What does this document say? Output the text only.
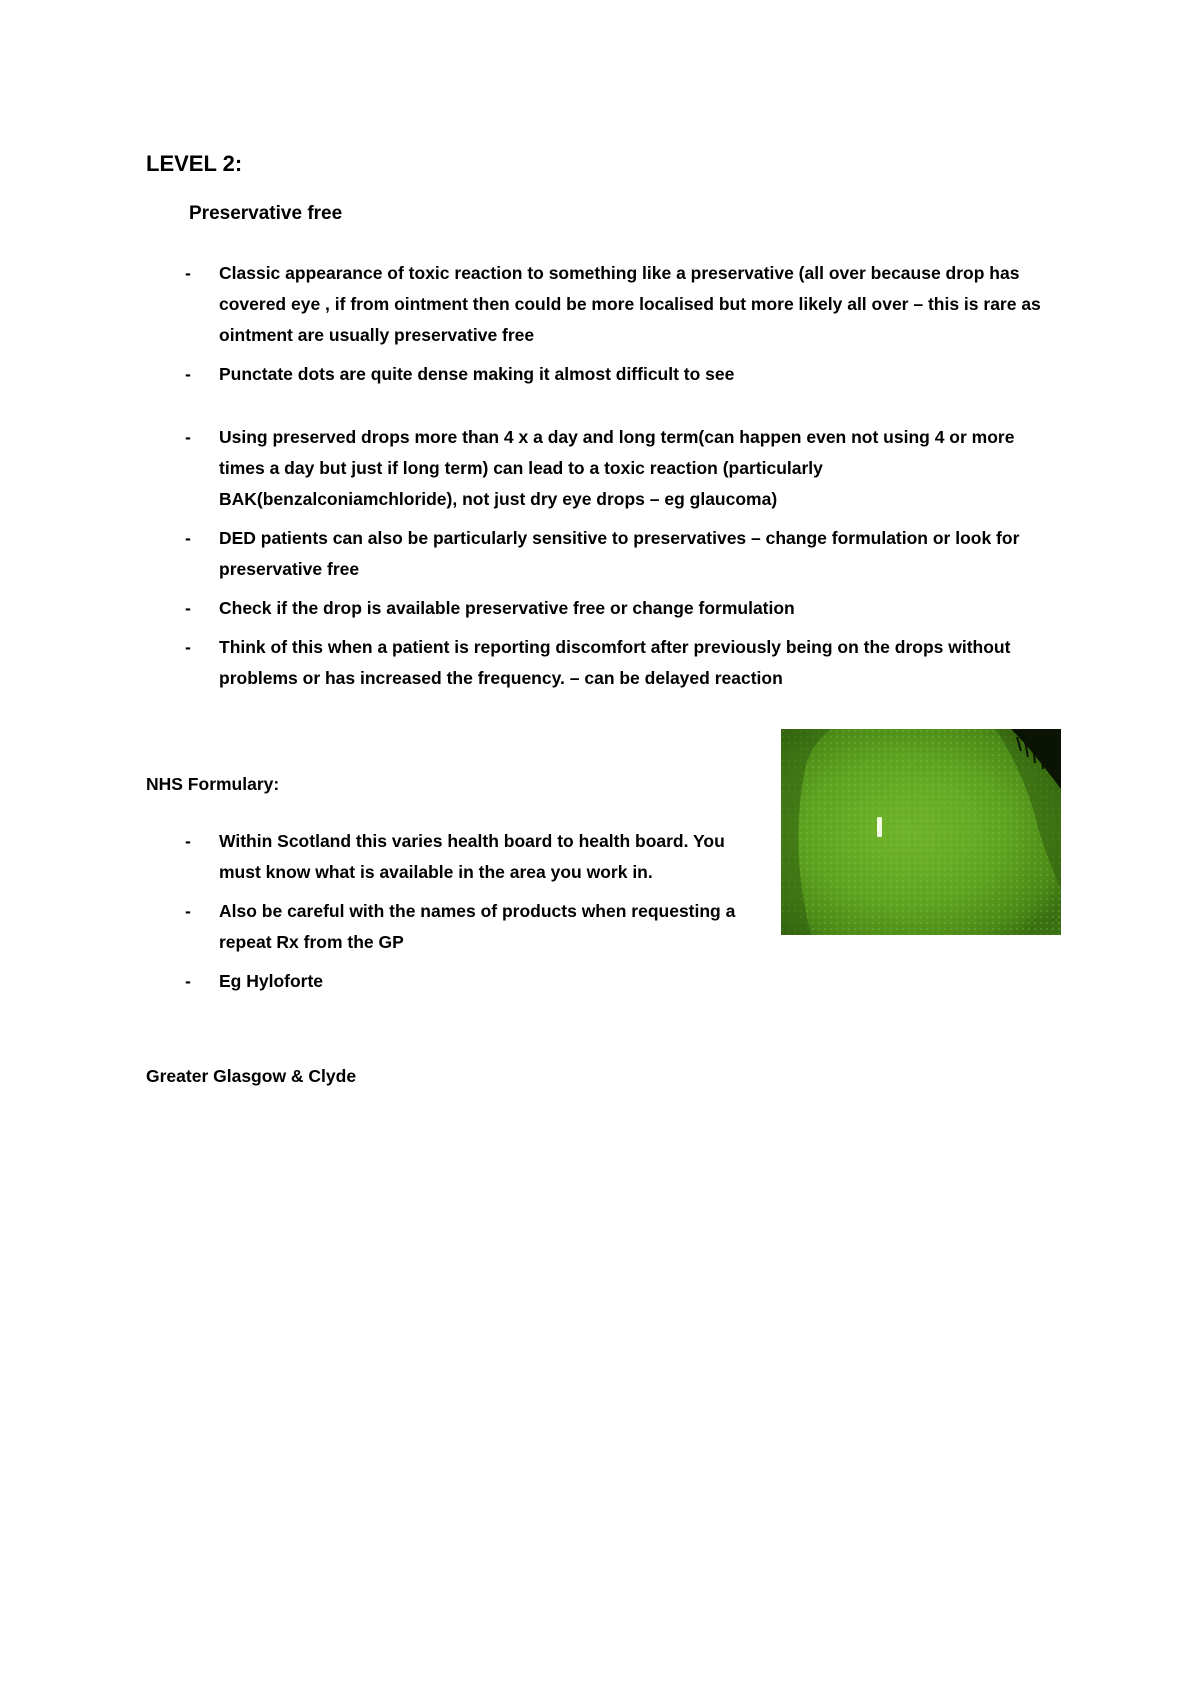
LEVEL 2:
Preservative free
- Classic appearance of toxic reaction to something like a preservative (all over because drop has covered eye , if from ointment then could be more localised but more likely all over – this is rare as ointment are usually preservative free
- Punctate dots are quite dense making it almost difficult to see
- Using preserved drops more than 4 x a day and long term(can happen even not using 4 or more times a day but just if long term) can lead to a toxic reaction (particularly BAK(benzalconiamchloride), not just dry eye drops – eg glaucoma)
- DED patients can also be particularly sensitive to preservatives – change formulation or look for preservative free
- Check if the drop is available preservative free or change formulation
- Think of this when a patient is reporting discomfort after previously being on the drops without problems or has increased the frequency. – can be delayed reaction
NHS Formulary:
- Within Scotland this varies health board to health board. You must know what is available in the area you work in.
- Also be careful with the names of products when requesting a repeat Rx from the GP
- Eg Hyloforte
Greater Glasgow & Clyde
